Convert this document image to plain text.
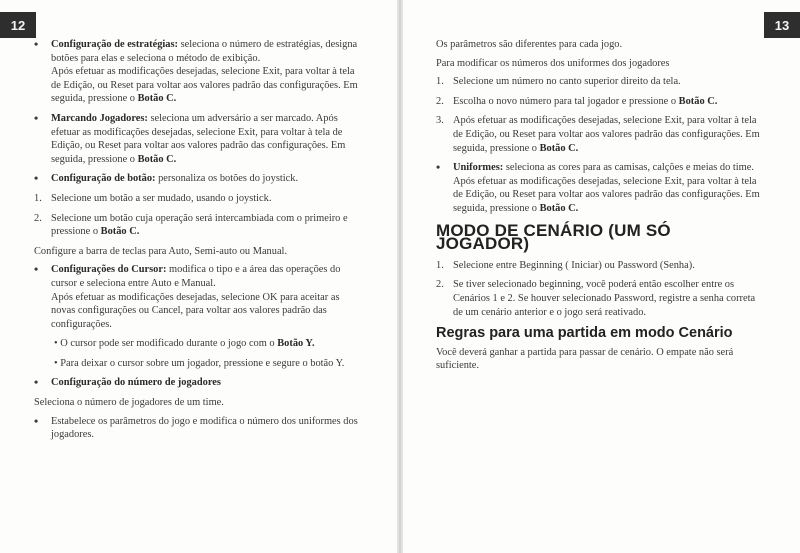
12
•
Configuração de estratégias: seleciona o número de estratégias, designa botões para elas e seleciona o método de exibição.
Após efetuar as modificações desejadas, selecione Exit, para voltar à tela de Edição, ou Reset para voltar aos valores padrão das configurações. Em seguida, pressione o Botão C.
•
Marcando Jogadores: seleciona um adversário a ser marcado. Após efetuar as modificações desejadas, selecione Exit, para voltar à tela de Edição, ou Reset para voltar aos valores padrão das configurações. Em seguida, pressione o Botão C.
•
Configuração de botão: personaliza os botões do joystick.
1. Selecione um botão a ser mudado, usando o joystick.
2. Selecione um botão cuja operação será intercambiada com o primeiro e pressione o Botão C.

Configure a barra de teclas para Auto, Semi-auto ou Manual.

•
Configurações do Cursor: modifica o tipo e a área das operações do cursor e seleciona entre Auto e Manual.
Após efetuar as modificações desejadas, selecione OK para aceitar as novas configurações ou Cancel, para voltar aos valores padrão das configurações.
• O cursor pode ser modificado durante o jogo com o Botão Y.
• Para deixar o cursor sobre um jogador, pressione e segure o botão Y.
•
Configuração do número de jogadores

Seleciona o número de jogadores de um time.

•
Estabelece os parâmetros do jogo e modifica o número dos uniformes dos jogadores.
13

Os parâmetros são diferentes para cada jogo.

Para modificar os números dos uniformes dos jogadores

1. Selecione um número no canto superior direito da tela.
2. Escolha o novo número para tal jogador e pressione o Botão C.
3. Após efetuar as modificações desejadas, selecione Exit, para voltar à tela de Edição, ou Reset para voltar aos valores padrão das configurações. Em seguida, pressione o Botão C.
•
Uniformes: seleciona as cores para as camisas, calções e meias do time. Após efetuar as modificações desejadas, selecione Exit, para voltar à tela de Edição, ou Reset para voltar aos valores padrão das configurações. Em seguida, pressione o Botão C.
MODO DE CENÁRIO (UM SÓ JOGADOR)
1. Selecione entre Beginning ( Iniciar) ou Password (Senha).
2. Se tiver selecionado beginning, você poderá então escolher entre os Cenários 1 e 2. Se houver selecionado Password, registre a senha correta de um cenário anterior e o jogo será reativado.
Regras para uma partida em modo Cenário

Você deverá ganhar a partida para passar de cenário. O empate não será suficiente.
